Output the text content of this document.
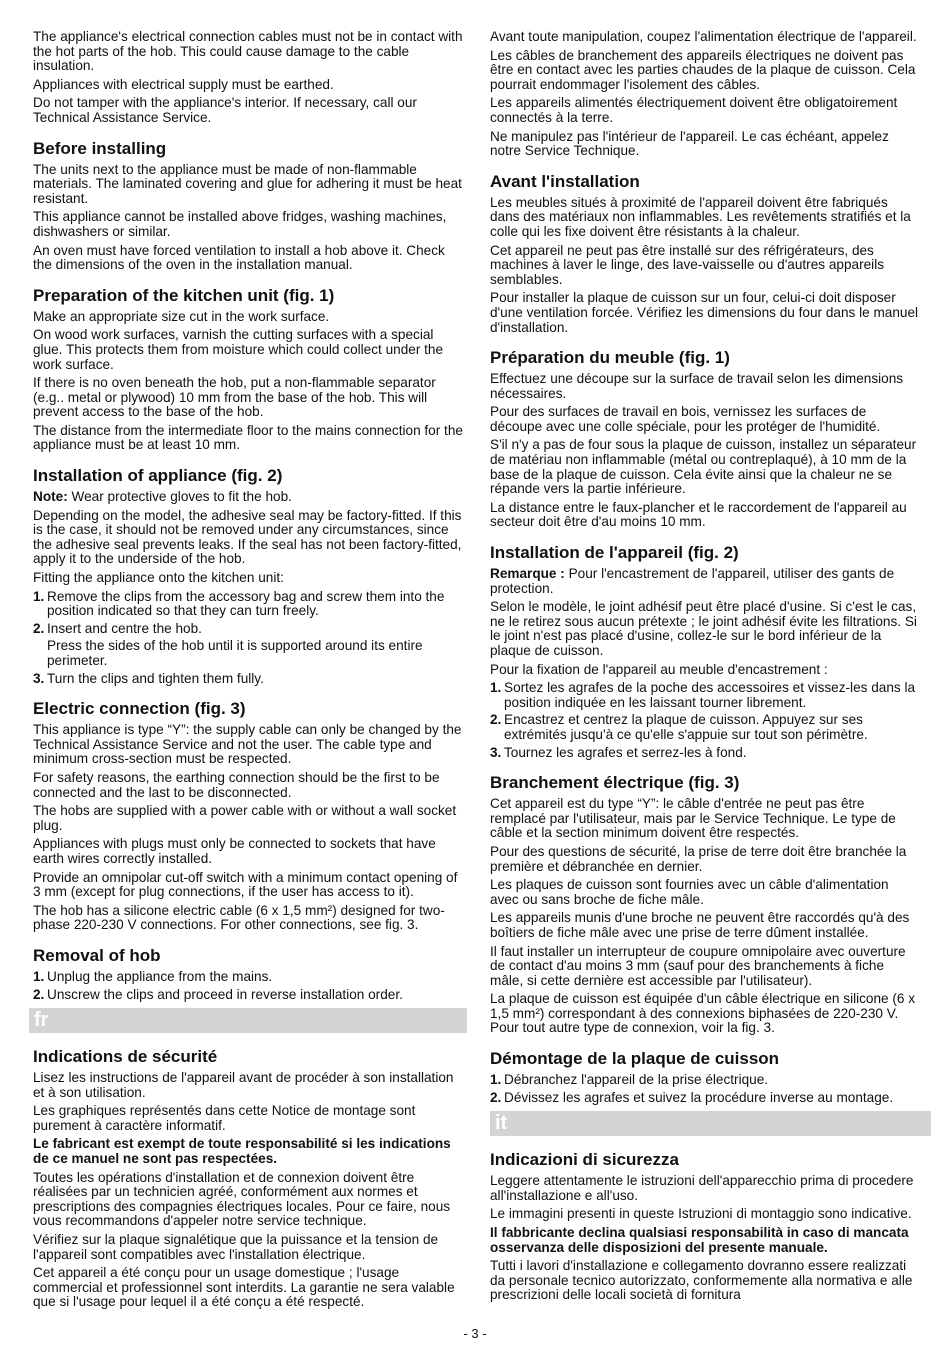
The appliance's electrical connection cables must not be in contact with the hot parts of the hob. This could cause damage to the cable insulation.

Appliances with electrical supply must be earthed.

Do not tamper with the appliance's interior. If necessary, call our Technical Assistance Service.

Before installing

The units next to the appliance must be made of non-flammable materials. The laminated covering and glue for adhering it must be heat resistant.

This appliance cannot be installed above fridges, washing machines, dishwashers or similar.

An oven must have forced ventilation to install a hob above it. Check the dimensions of the oven in the installation manual.

Preparation of the kitchen unit (fig. 1)

Make an appropriate size cut in the work surface.

On wood work surfaces, varnish the cutting surfaces with a special glue. This protects them from moisture which could collect under the work surface.

If there is no oven beneath the hob, put a non-flammable separator (e.g.. metal or plywood) 10 mm from the base of the hob. This will prevent access to the base of the hob.

The distance from the intermediate floor to the mains connection for the appliance must be at least 10 mm.

Installation of appliance (fig. 2)

Note: Wear protective gloves to fit the hob.

Depending on the model, the adhesive seal may be factory-fitted. If this is the case, it should not be removed under any circumstances, since the adhesive seal prevents leaks. If the seal has not been factory-fitted, apply it to the underside of the hob.

Fitting the appliance onto the kitchen unit:

1. Remove the clips from the accessory bag and screw them into the position indicated so that they can turn freely.
2. Insert and centre the hob.
Press the sides of the hob until it is supported around its entire perimeter.
3. Turn the clips and tighten them fully.
Electric connection (fig. 3)

This appliance is type “Y”: the supply cable can only be changed by the Technical Assistance Service and not the user. The cable type and minimum cross-section must be respected.

For safety reasons, the earthing connection should be the first to be connected and the last to be disconnected.

The hobs are supplied with a power cable with or without a wall socket plug.

Appliances with plugs must only be connected to sockets that have earth wires correctly installed.

Provide an omnipolar cut-off switch with a minimum contact opening of 3 mm (except for plug connections, if the user has access to it).

The hob has a silicone electric cable (6 x 1,5 mm²) designed for two-phase 220-230 V connections. For other connections, see fig. 3.

Removal of hob
1. Unplug the appliance from the mains.
2. Unscrew the clips and proceed in reverse installation order.
fr
Indications de sécurité

Lisez les instructions de l'appareil avant de procéder à son installation et à son utilisation.

Les graphiques représentés dans cette Notice de montage sont purement à caractère informatif.

Le fabricant est exempt de toute responsabilité si les indications de ce manuel ne sont pas respectées.

Toutes les opérations d'installation et de connexion doivent être réalisées par un technicien agréé, conformément aux normes et prescriptions des compagnies électriques locales. Pour ce faire, nous vous recommandons d'appeler notre service technique.

Vérifiez sur la plaque signalétique que la puissance et la tension de l'appareil sont compatibles avec l'installation électrique.

Cet appareil a été conçu pour un usage domestique ; l'usage commercial et professionnel sont interdits. La garantie ne sera valable que si l'usage pour lequel il a été conçu a été respecté.

Avant toute manipulation, coupez l'alimentation électrique de l'appareil.

Les câbles de branchement des appareils électriques ne doivent pas être en contact avec les parties chaudes de la plaque de cuisson. Cela pourrait endommager l'isolement des câbles.

Les appareils alimentés électriquement doivent être obligatoirement connectés à la terre.

Ne manipulez pas l'intérieur de l'appareil. Le cas échéant, appelez notre Service Technique.

Avant l'installation

Les meubles situés à proximité de l'appareil doivent être fabriqués dans des matériaux non inflammables. Les revêtements stratifiés et la colle qui les fixe doivent être résistants à la chaleur.

Cet appareil ne peut pas être installé sur des réfrigérateurs, des machines à laver le linge, des lave-vaisselle ou d'autres appareils semblables.

Pour installer la plaque de cuisson sur un four, celui-ci doit disposer d'une ventilation forcée. Vérifiez les dimensions du four dans le manuel d'installation.

Préparation du meuble (fig. 1)

Effectuez une découpe sur la surface de travail selon les dimensions nécessaires.

Pour des surfaces de travail en bois, vernissez les surfaces de découpe avec une colle spéciale, pour les protéger de l'humidité.

S'il n'y a pas de four sous la plaque de cuisson, installez un séparateur de matériau non inflammable (métal ou contreplaqué), à 10 mm de la base de la plaque de cuisson. Cela évite ainsi que la chaleur ne se répande vers la partie inférieure.

La distance entre le faux-plancher et le raccordement de l'appareil au secteur doit être d'au moins 10 mm.

Installation de l'appareil (fig. 2)

Remarque : Pour l'encastrement de l'appareil, utiliser des gants de protection.

Selon le modèle, le joint adhésif peut être placé d'usine. Si c'est le cas, ne le retirez sous aucun prétexte ; le joint adhésif évite les filtrations. Si le joint n'est pas placé d'usine, collez-le sur le bord inférieur de la plaque de cuisson.

Pour la fixation de l'appareil au meuble d'encastrement :

1. Sortez les agrafes de la poche des accessoires et vissez-les dans la position indiquée en les laissant tourner librement.
2. Encastrez et centrez la plaque de cuisson. Appuyez sur ses extrémités jusqu'à ce qu'elle s'appuie sur tout son périmètre.
3. Tournez les agrafes et serrez-les à fond.
Branchement électrique (fig. 3)

Cet appareil est du type “Y”: le câble d'entrée ne peut pas être remplacé par l'utilisateur, mais par le Service Technique. Le type de câble et la section minimum doivent être respectés.

Pour des questions de sécurité, la prise de terre doit être branchée la première et débranchée en dernier.

Les plaques de cuisson sont fournies avec un câble d'alimentation avec ou sans broche de fiche mâle.

Les appareils munis d'une broche ne peuvent être raccordés qu'à des boîtiers de fiche mâle avec une prise de terre dûment installée.

Il faut installer un interrupteur de coupure omnipolaire avec ouverture de contact d'au moins 3 mm (sauf pour des branchements à fiche mâle, si cette dernière est accessible par l'utilisateur).

La plaque de cuisson est équipée d'un câble électrique en silicone (6 x 1,5 mm²) correspondant à des connexions biphasées de 220-230 V. Pour tout autre type de connexion, voir la fig. 3.

Démontage de la plaque de cuisson
1. Débranchez l'appareil de la prise électrique.
2. Dévissez les agrafes et suivez la procédure inverse au montage.
it
Indicazioni di sicurezza

Leggere attentamente le istruzioni dell'apparecchio prima di procedere all'installazione e all'uso.

Le immagini presenti in queste Istruzioni di montaggio sono indicative.

Il fabbricante declina qualsiasi responsabilità in caso di mancata osservanza delle disposizioni del presente manuale.

Tutti i lavori d'installazione e collegamento dovranno essere realizzati da personale tecnico autorizzato, conformemente alla normativa e alle prescrizioni delle locali società di fornitura

- 3 -
